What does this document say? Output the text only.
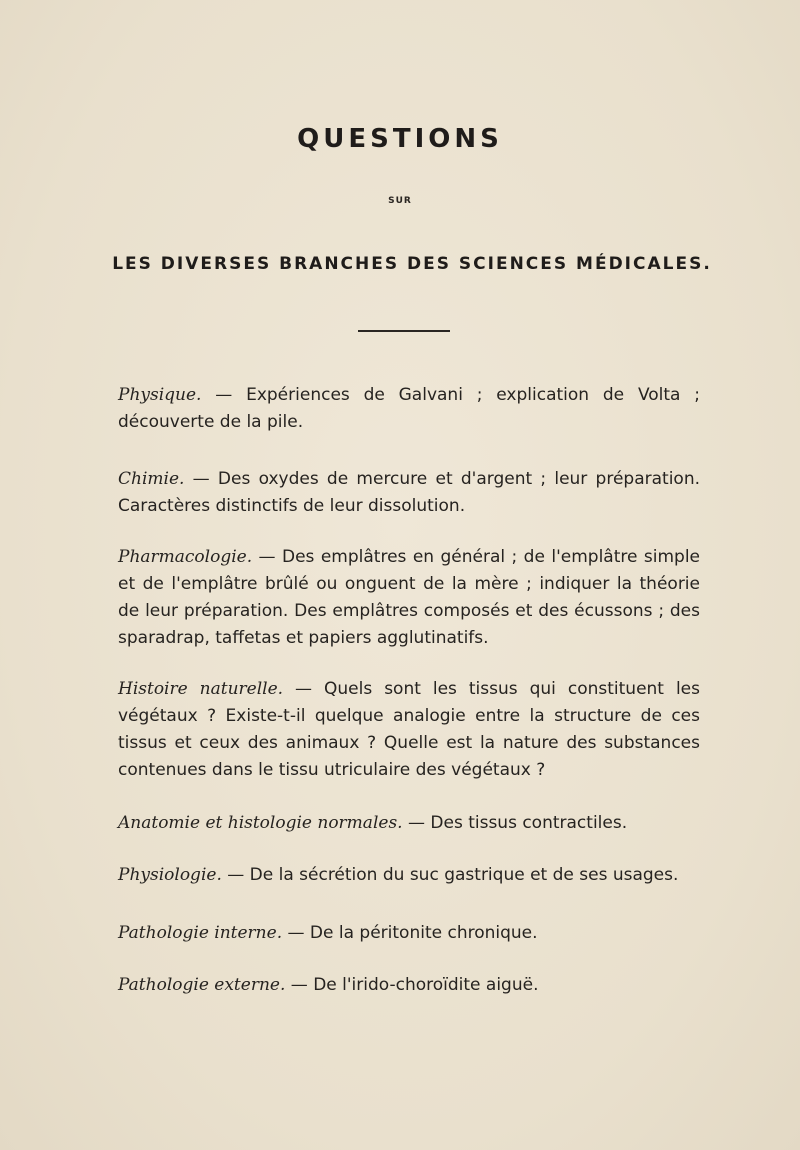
QUESTIONS
SUR
LES DIVERSES BRANCHES DES SCIENCES MÉDICALES.
Physique. — Expériences de Galvani ; explication de Volta ; découverte de la pile.
Chimie. — Des oxydes de mercure et d'argent ; leur préparation. Caractères distinctifs de leur dissolution.
Pharmacologie. — Des emplâtres en général ; de l'emplâtre simple et de l'emplâtre brûlé ou onguent de la mère ; indiquer la théorie de leur préparation. Des emplâtres composés et des écussons ; des sparadrap, taffetas et papiers agglutinatifs.
Histoire naturelle. — Quels sont les tissus qui constituent les végétaux ? Existe-t-il quelque analogie entre la structure de ces tissus et ceux des animaux ? Quelle est la nature des substances contenues dans le tissu utriculaire des végétaux ?
Anatomie et histologie normales. — Des tissus contractiles.
Physiologie. — De la sécrétion du suc gastrique et de ses usages.
Pathologie interne. — De la péritonite chronique.
Pathologie externe. — De l'irido-choroïdite aiguë.
